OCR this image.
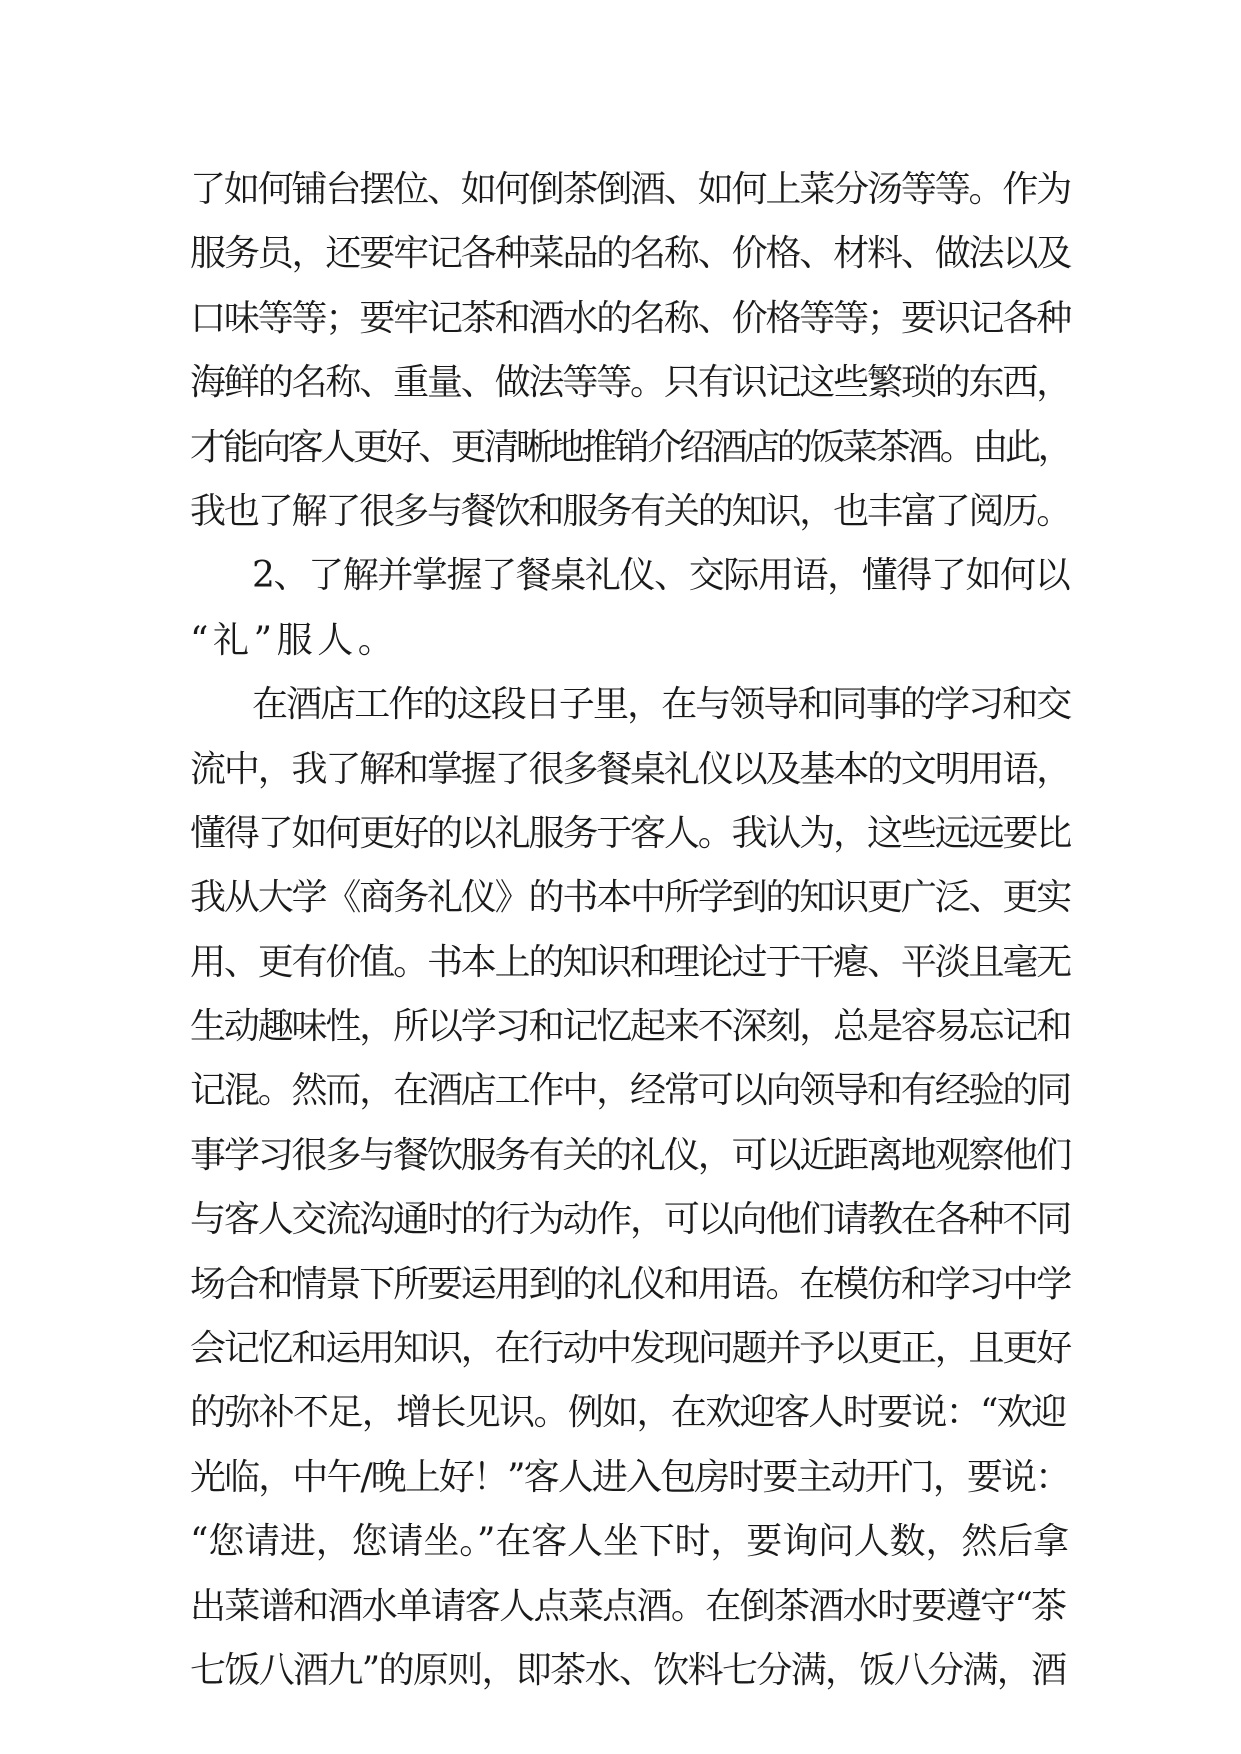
了如何铺台摆位、如何倒茶倒酒、如何上菜分汤等等。作为
服务员，还要牢记各种菜品的名称、价格、材料、做法以及
口味等等；要牢记茶和酒水的名称、价格等等；要识记各种
海鲜的名称、重量、做法等等。只有识记这些繁琐的东西，
才能向客人更好、更清晰地推销介绍酒店的饭菜茶酒。由此，
我也了解了很多与餐饮和服务有关的知识，也丰富了阅历。
2、了解并掌握了餐桌礼仪、交际用语，懂得了如何以
“礼”服人。
在酒店工作的这段日子里，在与领导和同事的学习和交
流中，我了解和掌握了很多餐桌礼仪以及基本的文明用语，
懂得了如何更好的以礼服务于客人。我认为，这些远远要比
我从大学《商务礼仪》的书本中所学到的知识更广泛、更实
用、更有价值。书本上的知识和理论过于干瘪、平淡且毫无
生动趣味性，所以学习和记忆起来不深刻，总是容易忘记和
记混。然而，在酒店工作中，经常可以向领导和有经验的同
事学习很多与餐饮服务有关的礼仪，可以近距离地观察他们
与客人交流沟通时的行为动作，可以向他们请教在各种不同
场合和情景下所要运用到的礼仪和用语。在模仿和学习中学
会记忆和运用知识，在行动中发现问题并予以更正，且更好
的弥补不足，增长见识。例如，在欢迎客人时要说：“欢迎
光临，中午/晚上好！”客人进入包房时要主动开门，要说：
“您请进，您请坐。”在客人坐下时，要询问人数，然后拿
出菜谱和酒水单请客人点菜点酒。在倒茶酒水时要遵守“茶
七饭八酒九”的原则，即茶水、饮料七分满，饭八分满，酒
